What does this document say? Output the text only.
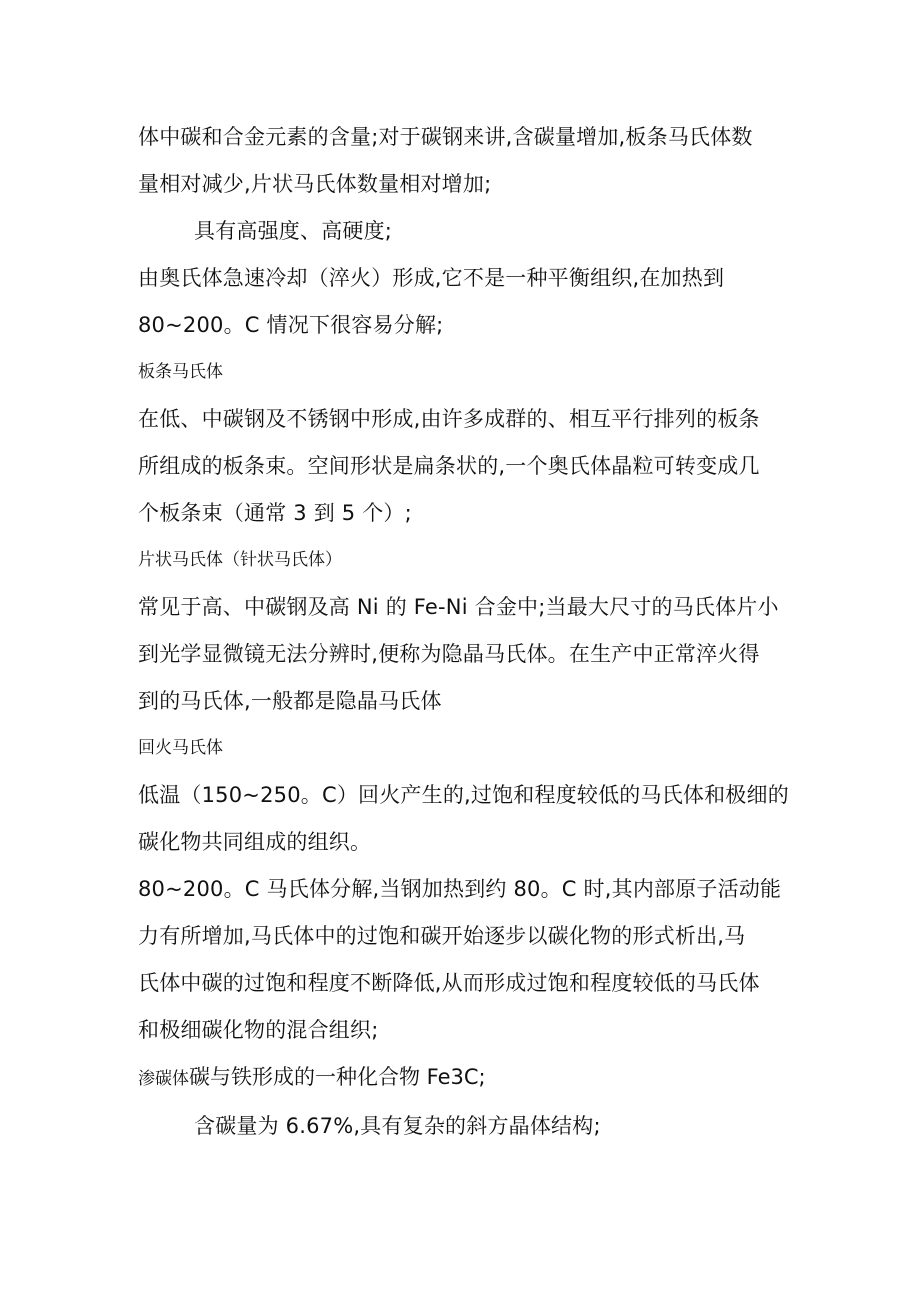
体中碳和合金元素的含量;对于碳钢来讲,含碳量增加,板条马氏体数
量相对减少,片状马氏体数量相对增加;

具有高强度、高硬度;

由奥氏体急速冷却（淬火）形成,它不是一种平衡组织,在加热到
80~200。C 情况下很容易分解;

板条马氏体

在低、中碳钢及不锈钢中形成,由许多成群的、相互平行排列的板条
所组成的板条束。空间形状是扁条状的,一个奥氏体晶粒可转变成几
个板条束（通常 3 到 5 个）;

片状马氏体（针状马氏体）

常见于高、中碳钢及高 Ni 的 Fe-Ni 合金中;当最大尺寸的马氏体片小
到光学显微镜无法分辨时,便称为隐晶马氏体。在生产中正常淬火得
到的马氏体,一般都是隐晶马氏体

回火马氏体

低温（150~250。C）回火产生的,过饱和程度较低的马氏体和极细的
碳化物共同组成的组织。

80~200。C 马氏体分解,当钢加热到约 80。C 时,其内部原子活动能
力有所增加,马氏体中的过饱和碳开始逐步以碳化物的形式析出,马
氏体中碳的过饱和程度不断降低,从而形成过饱和程度较低的马氏体
和极细碳化物的混合组织;

渗碳体碳与铁形成的一种化合物 Fe3C;

含碳量为 6.67%,具有复杂的斜方晶体结构;
